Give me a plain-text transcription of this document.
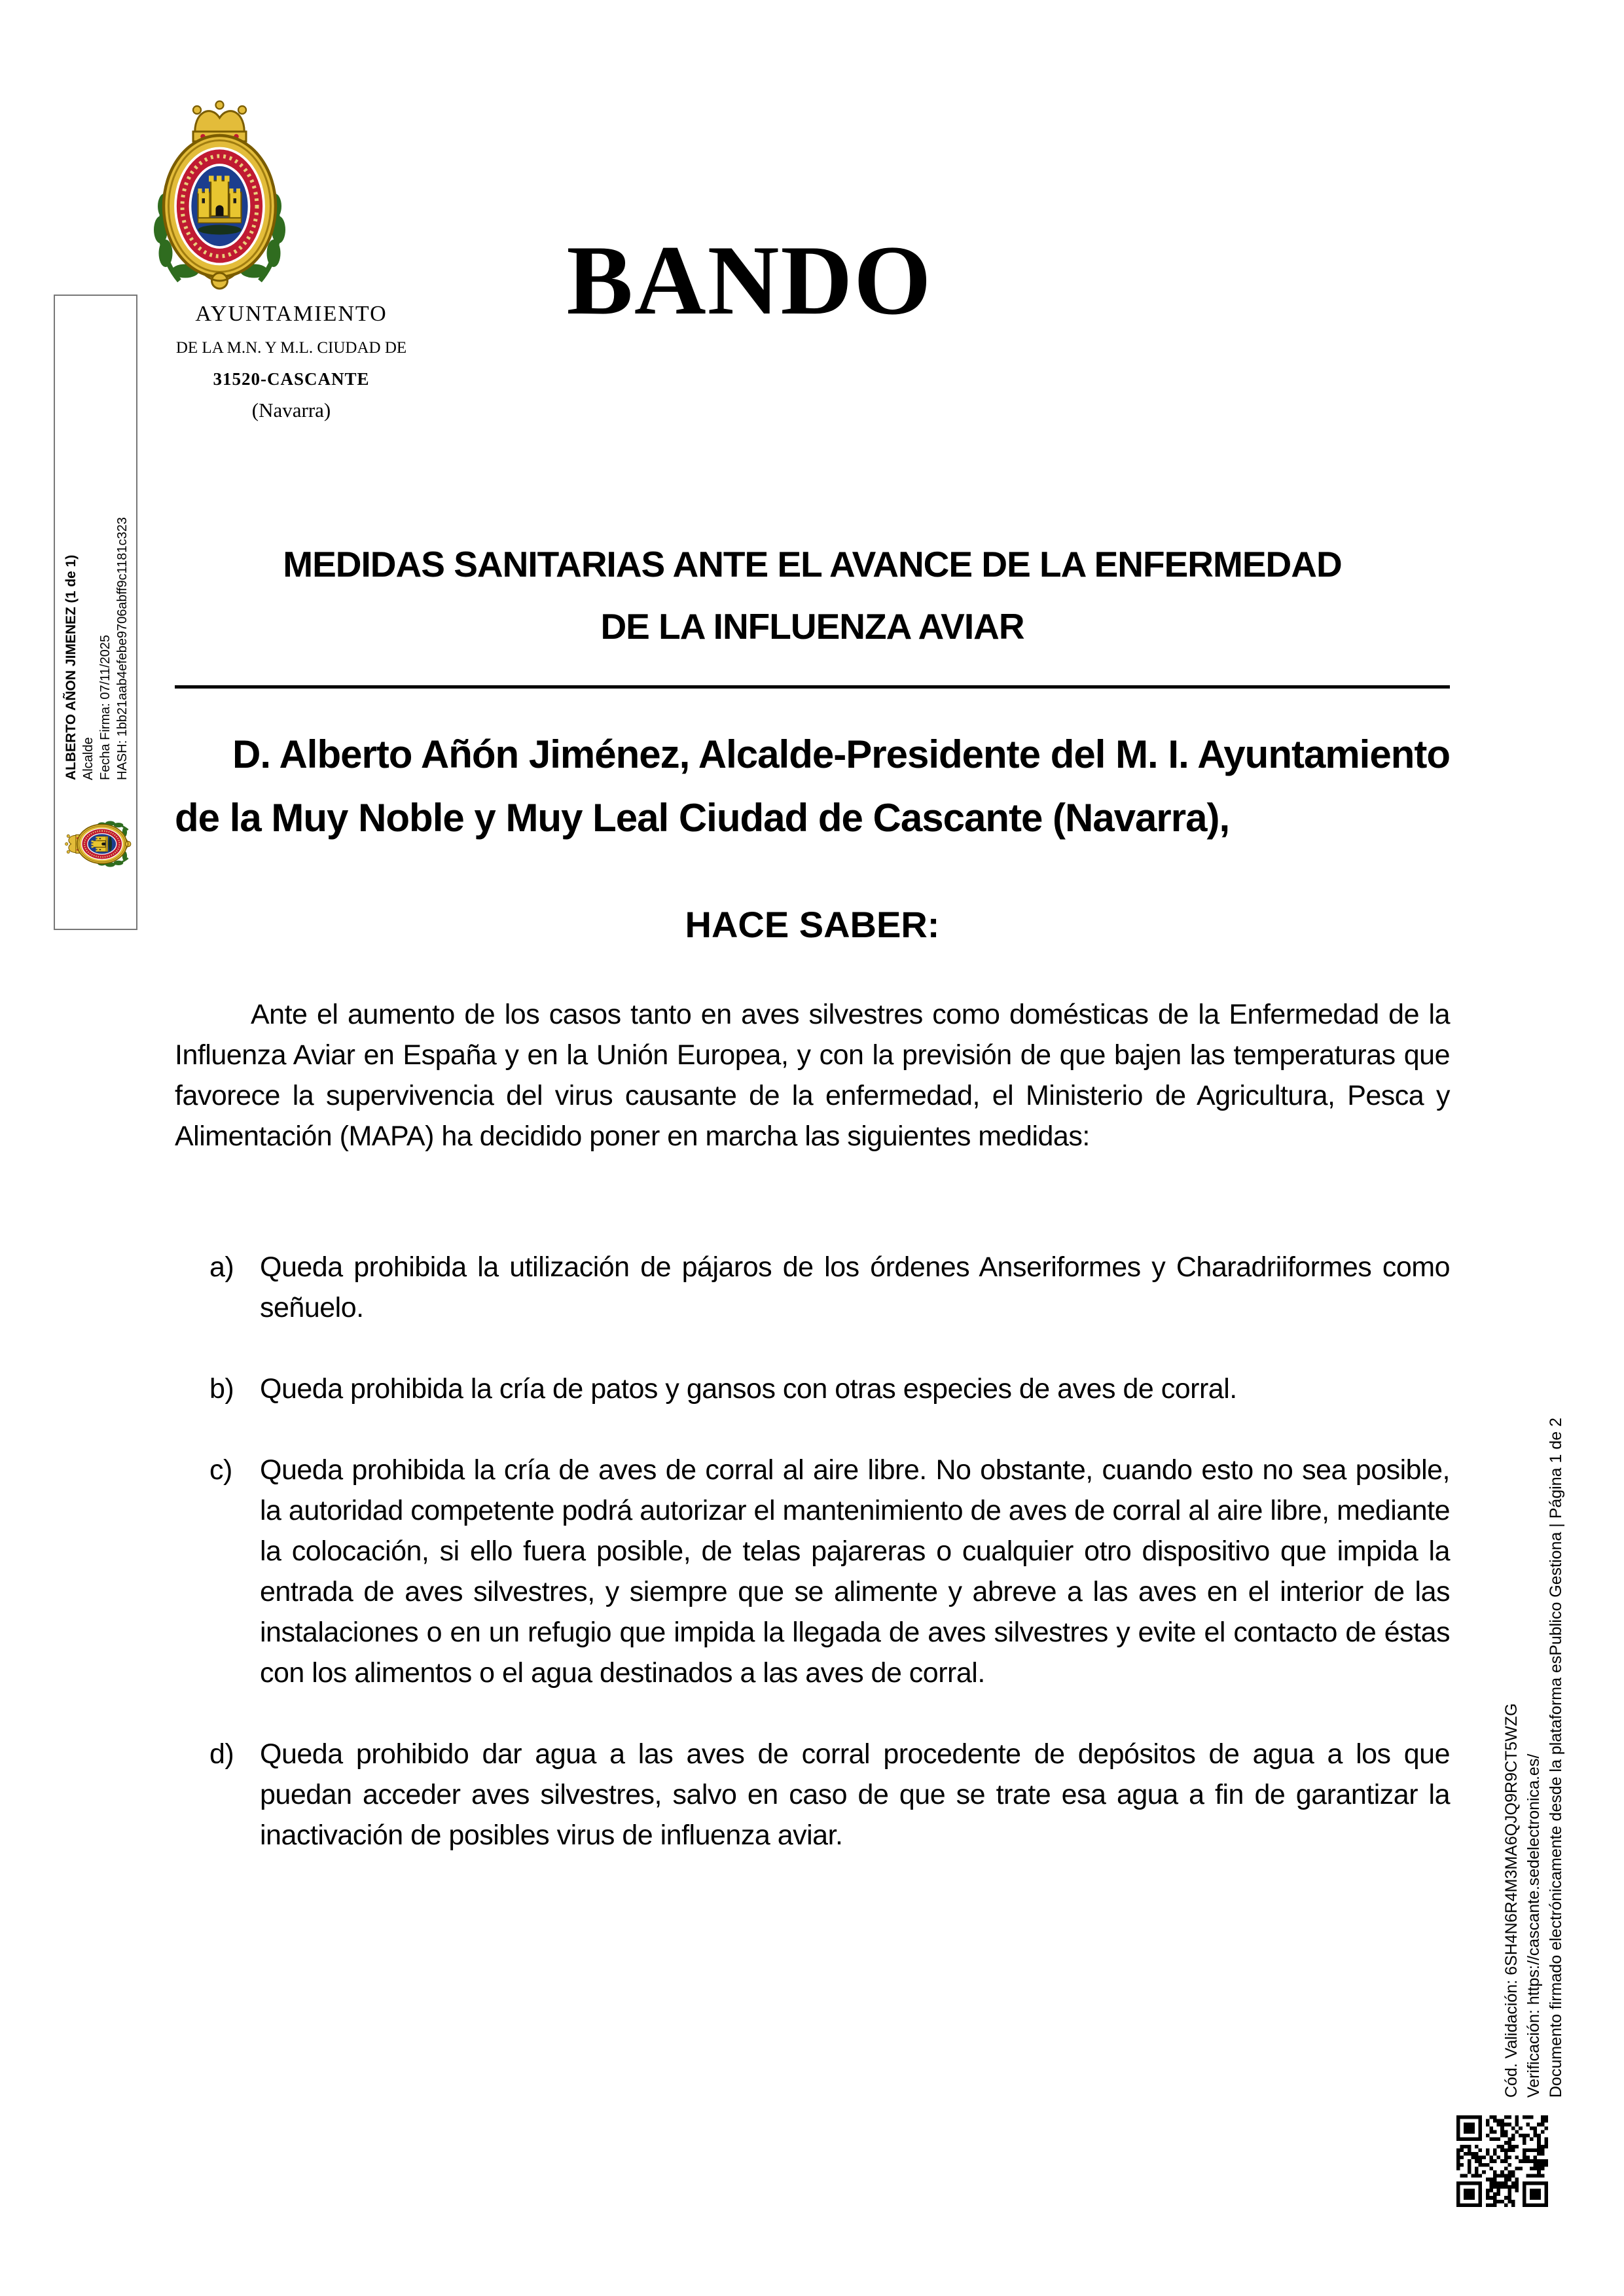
AYUNTAMIENTO
DE LA M.N. Y M.L. CIUDAD DE
31520-CASCANTE
(Navarra)
BANDO
ALBERTO AÑON JIMENEZ (1 de 1) Alcalde Fecha Firma: 07/11/2025 HASH: 1bb21aab4efebe9706abff9c1181c323	MEDIDAS SANITARIAS ANTE EL AVANCE DE LA ENFERMEDAD
DE LA INFLUENZA AVIAR

D. Alberto Añón Jiménez, Alcalde-Presidente del M. I. Ayuntamiento de la Muy Noble y Muy Leal Ciudad de Cascante (Navarra),

HACE SABER:

Ante el aumento de los casos tanto en aves silvestres como domésticas de la Enfermedad de la Influenza Aviar en España y en la Unión Europea, y con la previsión de que bajen las temperaturas que favorece la supervivencia del virus causante de la enfermedad, el Ministerio de Agricultura, Pesca y Alimentación (MAPA) ha decidido poner en marcha las siguientes medidas:

a) Queda prohibida la utilización de pájaros de los órdenes Anseriformes y Charadriiformes como señuelo.
b) Queda prohibida la cría de patos y gansos con otras especies de aves de corral.
c) Queda prohibida la cría de aves de corral al aire libre. No obstante, cuando esto no sea posible, la autoridad competente podrá autorizar el mantenimiento de aves de corral al aire libre, mediante la colocación, si ello fuera posible, de telas pajareras o cualquier otro dispositivo que impida la entrada de aves silvestres, y siempre que se alimente y abreve a las aves en el interior de las instalaciones o en un refugio que impida la llegada de aves silvestres y evite el contacto de éstas con los alimentos o el agua destinados a las aves de corral.
d) Queda prohibido dar agua a las aves de corral procedente de depósitos de agua a los que puedan acceder aves silvestres, salvo en caso de que se trate esa agua a fin de garantizar la inactivación de posibles virus de influenza aviar.	Cód. Validación: 6SH4N6R4M3MA6QJQ9R9CT5WZG Verificación: https://cascante.sedelectronica.es/ Documento firmado electrónicamente desde la plataforma esPublico Gestiona | Página 1 de 2
